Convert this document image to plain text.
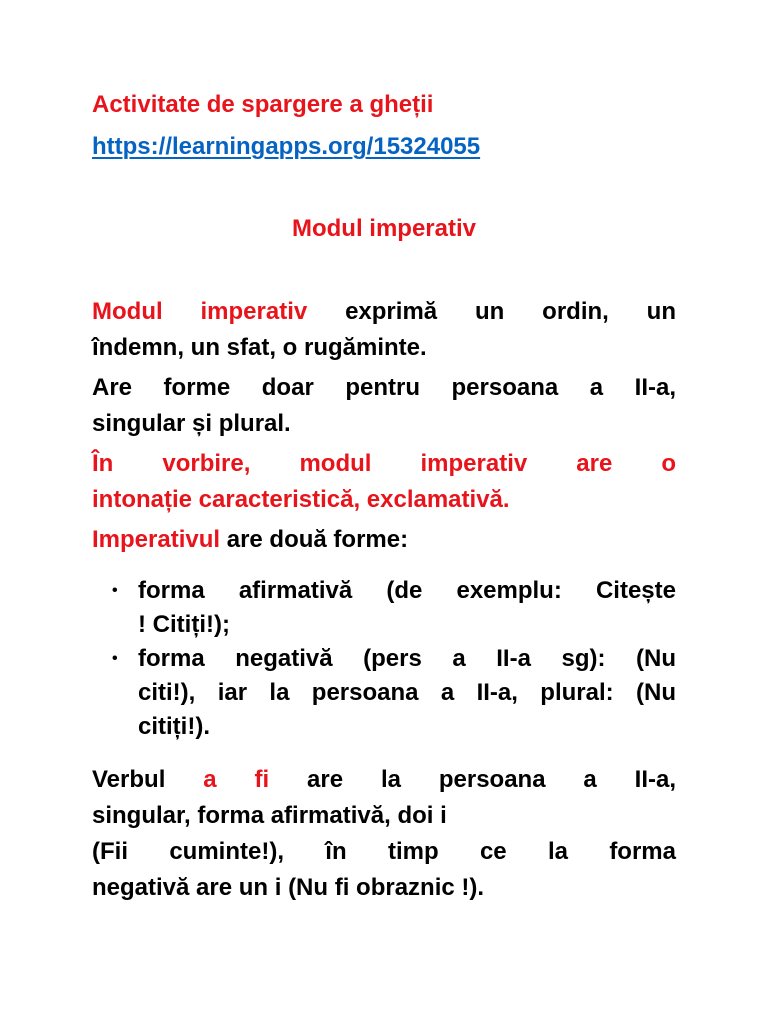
Activitate de spargere a gheții
https://learningapps.org/15324055
Modul imperativ
Modul imperativ exprimă un ordin, un
îndemn, un sfat, o rugăminte.
Are forme doar pentru persoana a II-a,
singular și plural.
În vorbire, modul imperativ are o
intonație caracteristică, exclamativă.
Imperativul are două forme:
• forma afirmativă (de exemplu: Citește
! Citiți!);
• forma negativă (pers a II-a sg): (Nu
citi!), iar la persoana a II-a, plural: (Nu
citiți!).
Verbul a fi are la persoana a II-a,
singular, forma afirmativă, doi i
(Fii cuminte!), în timp ce la forma
negativă are un i (Nu fi obraznic !).
